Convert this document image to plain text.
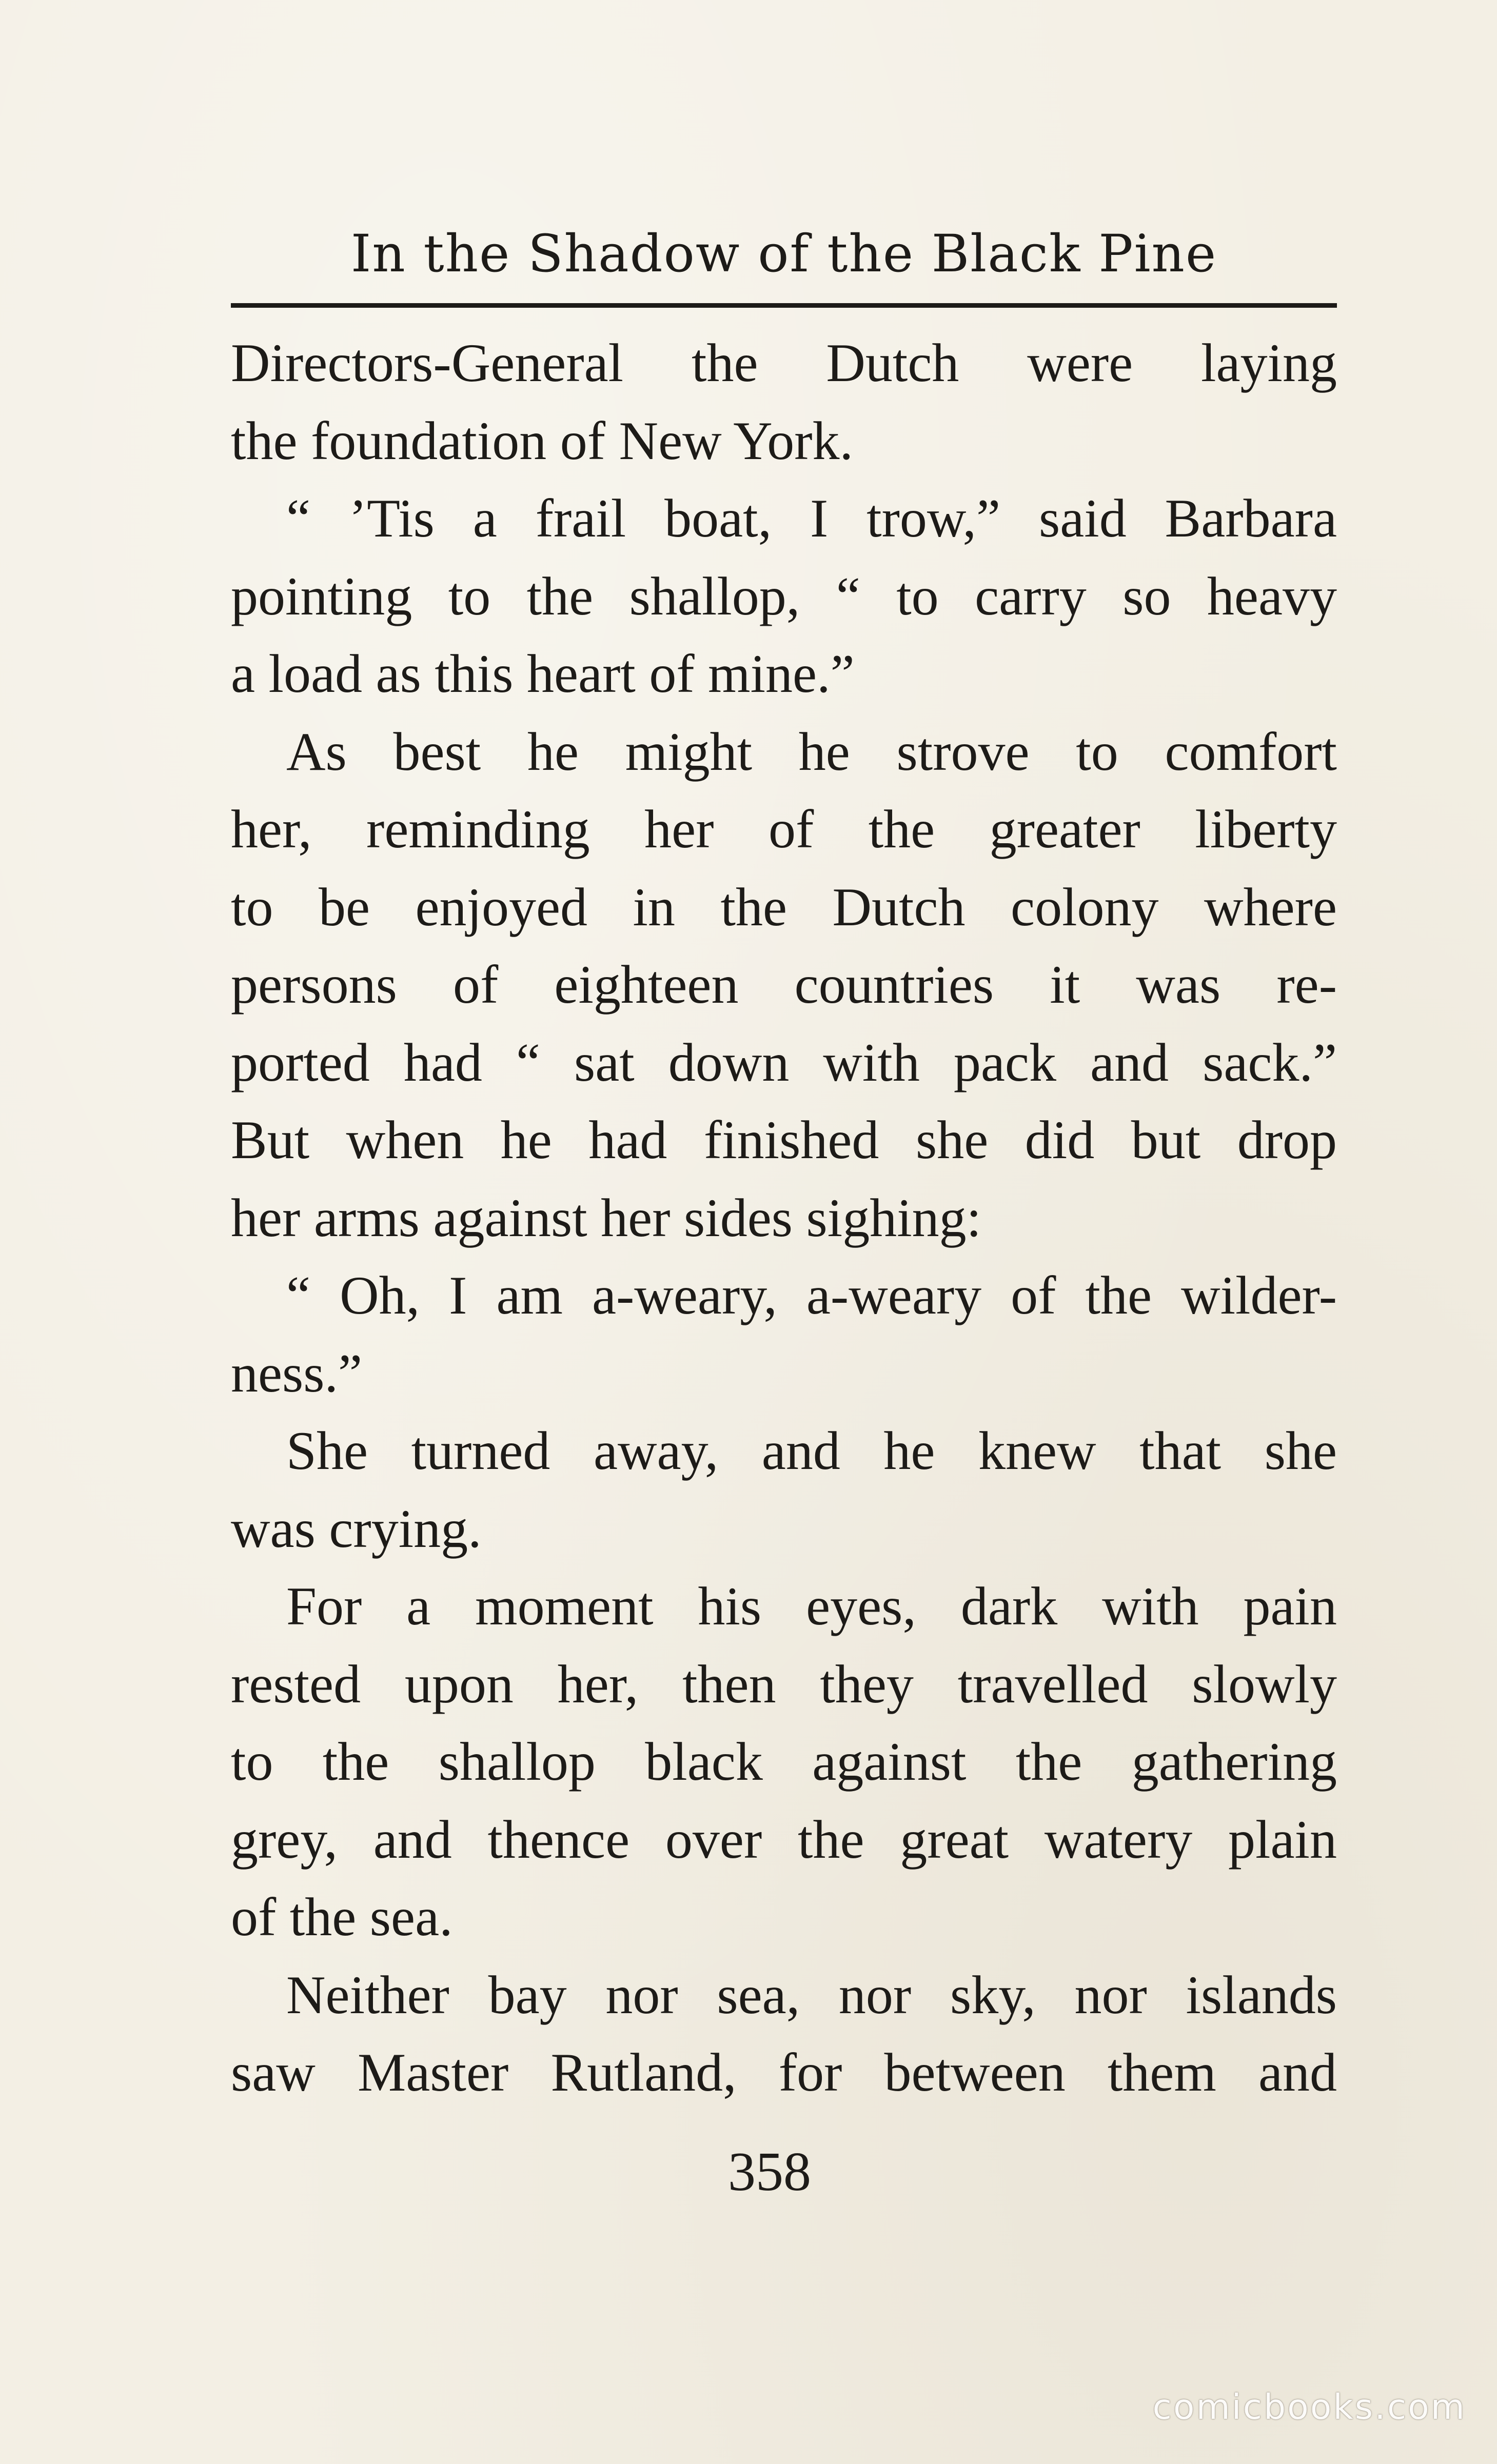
In the Shadow of the Black Pine
Directors-General the Dutch were laying
the foundation of New York.
“ ’Tis a frail boat, I trow,” said Barbara
pointing to the shallop, “ to carry so heavy
a load as this heart of mine.”
As best he might he strove to comfort
her, reminding her of the greater liberty
to be enjoyed in the Dutch colony where
persons of eighteen countries it was re-
ported had “ sat down with pack and sack.”
But when he had finished she did but drop
her arms against her sides sighing:
“ Oh, I am a-weary, a-weary of the wilder-
ness.”
She turned away, and he knew that she
was crying.
For a moment his eyes, dark with pain
rested upon her, then they travelled slowly
to the shallop black against the gathering
grey, and thence over the great watery plain
of the sea.
Neither bay nor sea, nor sky, nor islands
saw Master Rutland, for between them and
358
comicbooks.com
